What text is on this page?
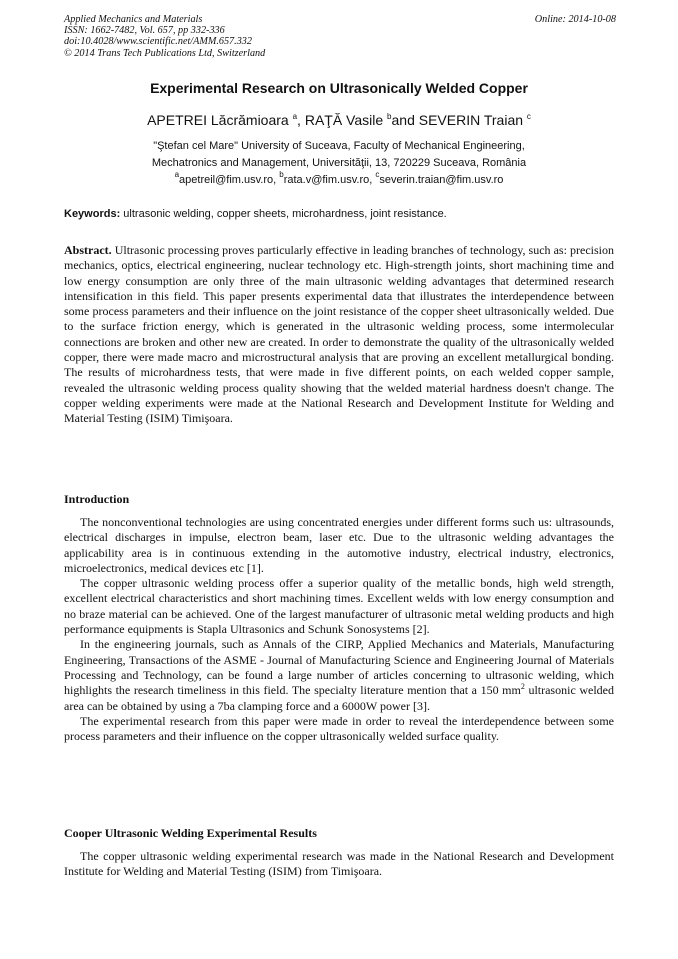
Applied Mechanics and Materials
ISSN: 1662-7482, Vol. 657, pp 332-336
doi:10.4028/www.scientific.net/AMM.657.332
© 2014 Trans Tech Publications Ltd, Switzerland
Online: 2014-10-08
Experimental Research on Ultrasonically Welded Copper
APETREI Lăcrămioara $^a$, RAŢĂ Vasile $^b$and SEVERIN Traian $^c$
"Ştefan cel Mare" University of Suceava, Faculty of Mechanical Engineering,
Mechatronics and Management, Universităţii, 13, 720229 Suceava, România
$^a$apetreil@fim.usv.ro, $^b$rata.v@fim.usv.ro, $^c$severin.traian@fim.usv.ro
Keywords: ultrasonic welding, copper sheets, microhardness, joint resistance.

Abstract. Ultrasonic processing proves particularly effective in leading branches of technology, such as: precision mechanics, optics, electrical engineering, nuclear technology etc. High-strength joints, short machining time and low energy consumption are only three of the main ultrasonic welding advantages that determined research intensification in this field. This paper presents experimental data that illustrates the interdependence between some process parameters and their influence on the joint resistance of the copper sheet ultrasonically welded. Due to the surface friction energy, which is generated in the ultrasonic welding process, some intermolecular connections are broken and other new are created. In order to demonstrate the quality of the ultrasonically welded copper, there were made macro and microstructural analysis that are proving an excellent metallurgical bonding. The results of microhardness tests, that were made in five different points, on each welded copper sample, revealed the ultrasonic welding process quality showing that the welded material hardness doesn't change. The copper welding experiments were made at the National Research and Development Institute for Welding and Material Testing (ISIM) Timişoara.

Introduction

The nonconventional technologies are using concentrated energies under different forms such us: ultrasounds, electrical discharges in impulse, electron beam, laser etc. Due to the ultrasonic welding advantages the applicability area is in continuous extending in the automotive industry, electrical industry, electronics, microelectronics, medical devices etc [1].

The copper ultrasonic welding process offer a superior quality of the metallic bonds, high weld strength, excellent electrical characteristics and short machining times. Excellent welds with low energy consumption and no braze material can be achieved. One of the largest manufacturer of ultrasonic metal welding products and high performance equipments is Stapla Ultrasonics and Schunk Sonosystems [2].

In the engineering journals, such as Annals of the CIRP, Applied Mechanics and Materials, Manufacturing Engineering, Transactions of the ASME - Journal of Manufacturing Science and Engineering Journal of Materials Processing and Technology, can be found a large number of articles concerning to ultrasonic welding, which highlights the research timeliness in this field. The specialty literature mention that a 150 $mm^2$ ultrasonic welded area can be obtained by using a 7ba clamping force and a 6000W power [3].

The experimental research from this paper were made in order to reveal the interdependence between some process parameters and their influence on the copper ultrasonically welded surface quality.

Cooper Ultrasonic Welding Experimental Results

The copper ultrasonic welding experimental research was made in the National Research and Development Institute for Welding and Material Testing (ISIM) from Timişoara.
